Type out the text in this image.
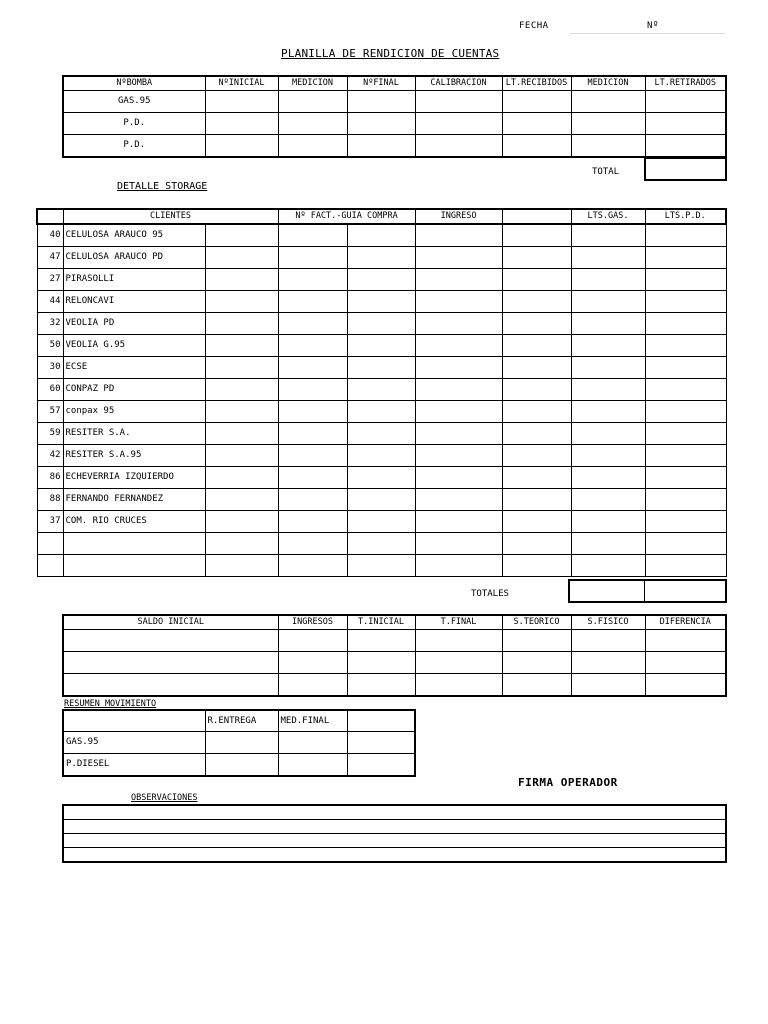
FECHA	Nº
PLANILLA DE RENDICION DE CUENTAS
NºBOMBA	NºINICIAL	MEDICION	NºFINAL	CALIBRACION	LT.RECIBIDOS	MEDICION	LT.RETIRADOS
GAS.95							
P.D.							
P.D.							
TOTAL
DETALLE STORAGE
	CLIENTES		Nº FACT.-GUIA COMPRA		INGRESO		LTS.GAS.	LTS.P.D.
40	CELULOSA ARAUCO 95							
47	CELULOSA ARAUCO PD							
27	PIRASOLLI							
44	RELONCAVI							
32	VEOLIA PD							
50	VEOLIA G.95							
30	ECSE							
60	CONPAZ PD							
57	conpax 95							
59	RESITER S.A.							
42	RESITER S.A.95							
86	ECHEVERRIA IZQUIERDO							
88	FERNANDO FERNANDEZ							
37	COM. RIO CRUCES							

TOTALES
SALDO INICIAL	INGRESOS	T.INICIAL	T.FINAL	S.TEORICO	S.FISICO	DIFERENCIA

RESUMEN MOVIMIENTO
	R.ENTREGA	MED.FINAL	
GAS.95			
P.DIESEL			
FIRMA OPERADOR
OBSERVACIONES
